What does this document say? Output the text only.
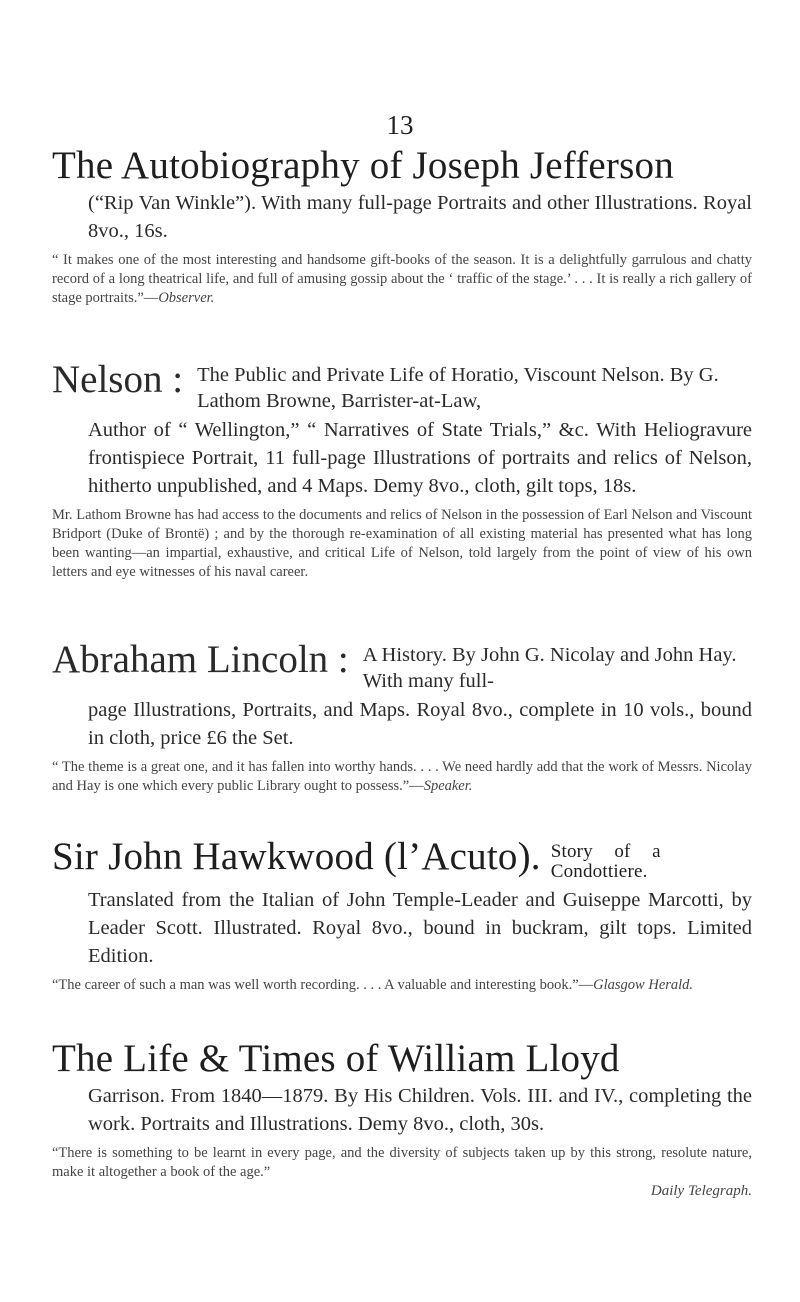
13
The Autobiography of Joseph Jefferson
(“Rip Van Winkle”). With many full-page Portraits and other Illustrations. Royal 8vo., 16s.
“ It makes one of the most interesting and handsome gift-books of the season. It is a delightfully garrulous and chatty record of a long theatrical life, and full of amusing gossip about the ‘ traffic of the stage.’ . . . It is really a rich gallery of stage portraits.”—Observer.
Nelson : The Public and Private Life of Horatio, Viscount Nelson. By G. Lathom Browne, Barrister-at-Law,
Author of “ Wellington,” “ Narratives of State Trials,” &c. With Heliogravure frontispiece Portrait, 11 full-page Illustrations of portraits and relics of Nelson, hitherto unpublished, and 4 Maps. Demy 8vo., cloth, gilt tops, 18s.
Mr. Lathom Browne has had access to the documents and relics of Nelson in the possession of Earl Nelson and Viscount Bridport (Duke of Brontë) ; and by the thorough re-examination of all existing material has presented what has long been wanting—an impartial, exhaustive, and critical Life of Nelson, told largely from the point of view of his own letters and eye witnesses of his naval career.
Abraham Lincoln : A History. By John G. Nicolay and John Hay. With many full-
page Illustrations, Portraits, and Maps. Royal 8vo., complete in 10 vols., bound in cloth, price £6 the Set.
“ The theme is a great one, and it has fallen into worthy hands. . . . We need hardly add that the work of Messrs. Nicolay and Hay is one which every public Library ought to possess.”—Speaker.
Sir John Hawkwood (l’Acuto). Story of a Condottiere.
Translated from the Italian of John Temple-Leader and Guiseppe Marcotti, by Leader Scott. Illustrated. Royal 8vo., bound in buckram, gilt tops. Limited Edition.
“The career of such a man was well worth recording. . . . A valuable and interesting book.”—Glasgow Herald.
The Life & Times of William Lloyd
Garrison. From 1840—1879. By His Children. Vols. III. and IV., completing the work. Portraits and Illustrations. Demy 8vo., cloth, 30s.
“There is something to be learnt in every page, and the diversity of subjects taken up by this strong, resolute nature, make it altogether a book of the age.”
Daily Telegraph.
